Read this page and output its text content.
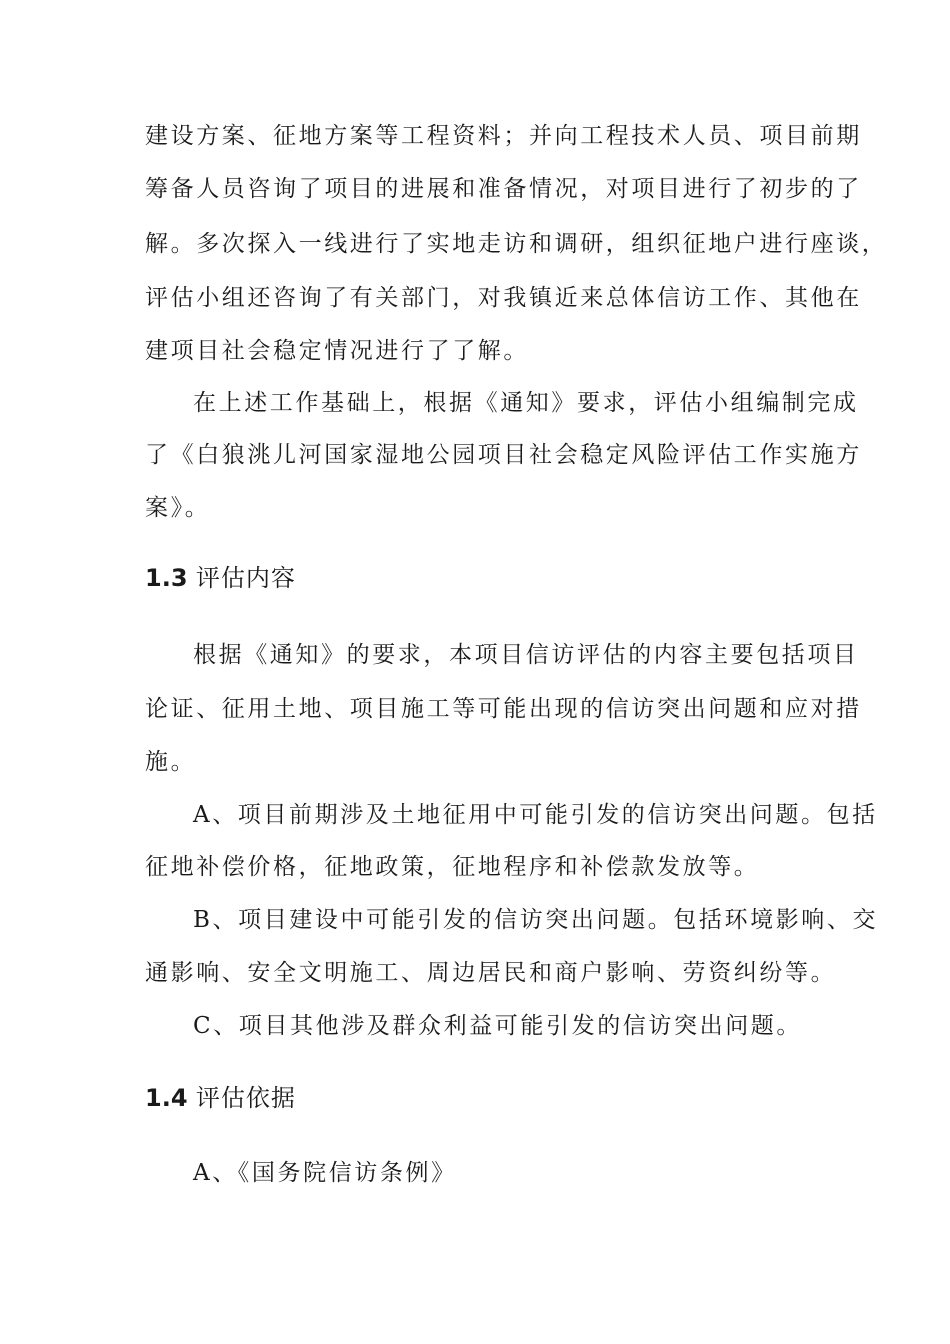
建设方案、征地方案等工程资料；并向工程技术人员、项目前期
筹备人员咨询了项目的进展和准备情况，对项目进行了初步的了
解。多次探入一线进行了实地走访和调研，组织征地户进行座谈，
评估小组还咨询了有关部门，对我镇近来总体信访工作、其他在
建项目社会稳定情况进行了了解。
在上述工作基础上，根据《通知》要求，评估小组编制完成
了《白狼洮儿河国家湿地公园项目社会稳定风险评估工作实施方
案》。
1.3 评估内容
根据《通知》的要求，本项目信访评估的内容主要包括项目
论证、征用土地、项目施工等可能出现的信访突出问题和应对措
施。
A、项目前期涉及土地征用中可能引发的信访突出问题。包括
征地补偿价格，征地政策，征地程序和补偿款发放等。
B、项目建设中可能引发的信访突出问题。包括环境影响、交
通影响、安全文明施工、周边居民和商户影响、劳资纠纷等。
C、项目其他涉及群众利益可能引发的信访突出问题。
1.4 评估依据
A、《国务院信访条例》
